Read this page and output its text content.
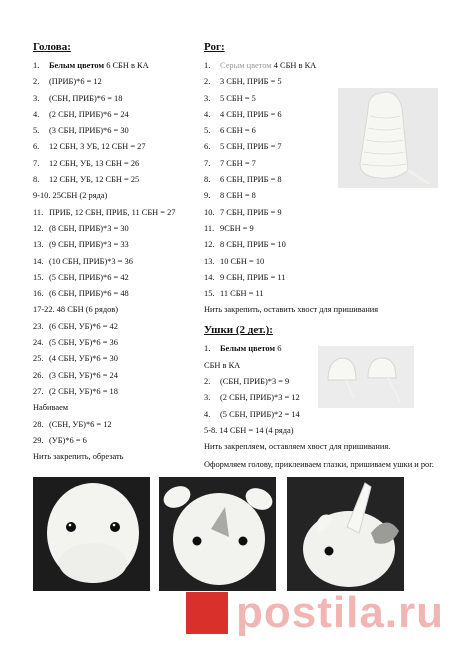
Голова:
1.	Белым цветом 6 СБН в КА
2.	(ПРИБ)*6 = 12
3.	(СБН, ПРИБ)*6 = 18
4.	(2 СБН, ПРИБ)*6 = 24
5.	(3 СБН, ПРИБ)*6 = 30
6.	12 СБН, 3 УБ, 12 СБН = 27
7.	12 СБН, УБ, 13 СБН = 26
8.	12 СБН, УБ, 12 СБН = 25
9-10. 25СБН (2 ряда)
11. ПРИБ, 12 СБН, ПРИБ, 11 СБН = 27
12. (8 СБН, ПРИБ)*3 = 30
13. (9 СБН, ПРИБ)*3 = 33
14. (10 СБН, ПРИБ)*3 = 36
15. (5 СБН, ПРИБ)*6 = 42
16. (6 СБН, ПРИБ)*6 = 48
17-22. 48 СБН (6 рядов)
23. (6 СБН, УБ)*6 = 42
24. (5 СБН, УБ)*6 = 36
25. (4 СБН, УБ)*6 = 30
26. (3 СБН, УБ)*6 = 24
27. (2 СБН, УБ)*6 = 18
Набиваем
28. (СБН, УБ)*6 = 12
29. (УБ)*6 = 6
Нить закрепить, обрезать
Рог:
1.	Серым цветом 4 СБН в КА
2.	3 СБН, ПРИБ = 5
3.	5 СБН = 5
4.	4 СБН, ПРИБ = 6
5.	6 СБН = 6
6.	5 СБН, ПРИБ = 7
7.	7 СБН = 7
8.	6 СБН, ПРИБ = 8
9.	8 СБН = 8
10. 7 СБН, ПРИБ = 9
11. 9СБН = 9
12. 8 СБН, ПРИБ = 10
13. 10 СБН = 10
14. 9 СБН, ПРИБ = 11
15. 11 СБН = 11
Нить закрепить, оставить хвост для пришивания
Ушки (2 дет.):
1.	Белым цветом 6
СБН в КА
2.	(СБН, ПРИБ)*3 = 9
3.	(2 СБН, ПРИБ)*3 = 12
4.	(5 СБН, ПРИБ)*2 = 14
5-8. 14 СБН = 14 (4 ряда)
Нить закрепляем, оставляем хвост для пришивания.
Оформляем голову, приклеиваем глазки, пришиваем ушки и рог.
postila.ru
